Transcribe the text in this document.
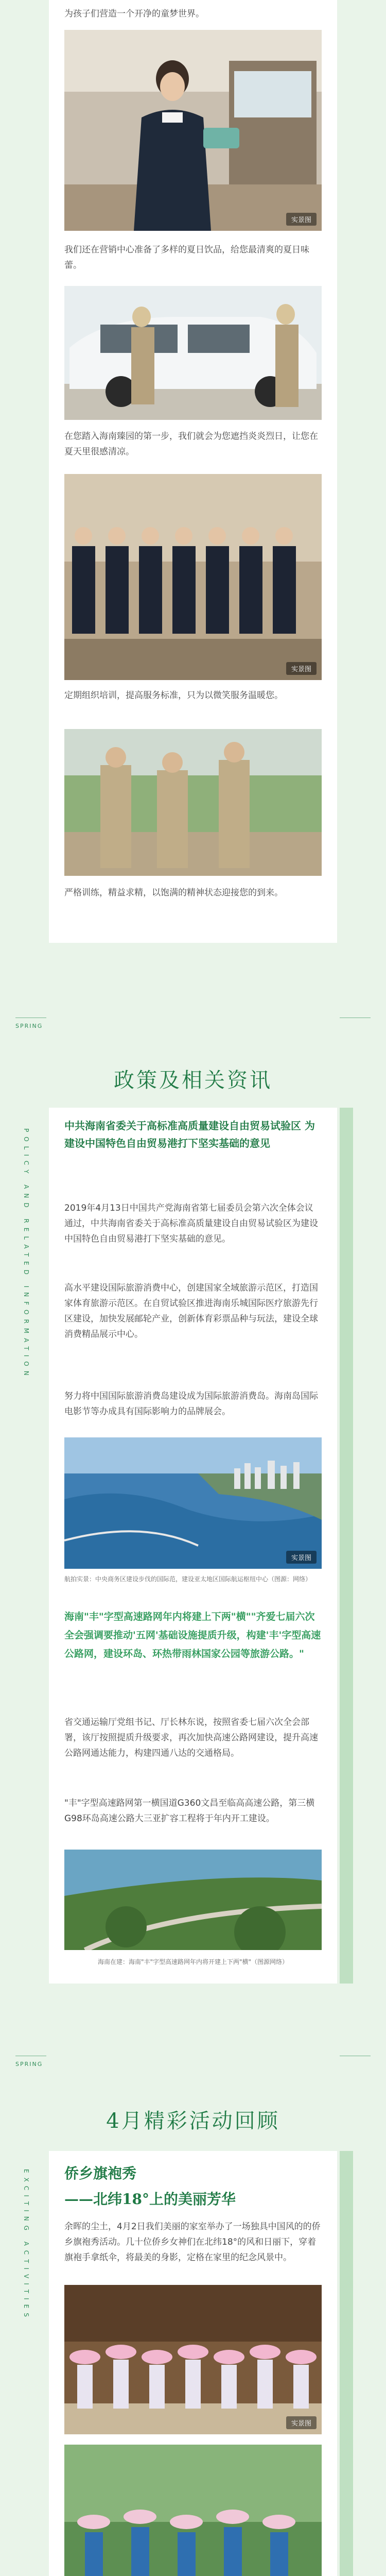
为孩子们营造一个开净的童梦世界。

实景图

我们还在营销中心准备了多样的夏日饮品，给您最清爽的夏日味蕾。

在您踏入海南臻园的第一步，我们就会为您遮挡炎炎烈日，让您在夏天里很感清凉。

实景图

定期组织培训，提高服务标准，只为以微笑服务温暖您。

严格训练，精益求精，以饱满的精神状态迎接您的到来。

SPRING
政策及相关资讯
POLICY AND RELATED INFORMATION
中共海南省委关于高标准高质量建设自由贸易试验区 为建设中国特色自由贸易港打下坚实基础的意见

2019年4月13日中国共产党海南省第七届委员会第六次全体会议通过，中共海南省委关于高标准高质量建设自由贸易试验区为建设中国特色自由贸易港打下坚实基础的意见。

高水平建设国际旅游消费中心，创建国家全域旅游示范区，打造国家体育旅游示范区。在自贸试验区推进海南乐城国际医疗旅游先行区建设，加快发展邮轮产业，创新体育彩票品种与玩法，建设全球消费精品展示中心。

努力将中国国际旅游消费岛建设成为国际旅游消费岛。海南岛国际电影节等办成具有国际影响力的品牌展会。

实景图
航拍实景：中央商务区建设步伐的国际范，建设亚太地区国际航运枢纽中心（图源：网络）
海南"丰"字型高速路网年内将建上下两"横""齐爱七届六次全会强调要推动'五网'基础设施提质升级，构建'丰'字型高速公路网，建设环岛、环热带雨林国家公园等旅游公路。"

省交通运输厅党组书记、厅长林东说，按照省委七届六次全会部署，该厅按照提质升级要求，再次加快高速公路网建设，提升高速公路网通达能力，构建四通八达的交通格局。

"丰"字型高速路网第一横国道G360文昌至临高高速公路，第三横G98环岛高速公路大三亚扩容工程将于年内开工建设。

海南在建：海南"丰"字型高速路网年内将开建上下两"横"（图源网络）
SPRING
4月精彩活动回顾
EXCITING ACTIVITIES 侨乡旗袍秀
——北纬18°上的美丽芳华

余晖的尘土，4月2日我们美丽的家室举办了一场独具中国风的的侨乡旗袍秀活动。几十位侨乡女神们在北纬18°的风和日丽下，穿着旗袍手拿纸伞，将最美的身影，定格在家里的纪念风景中。

实景图
